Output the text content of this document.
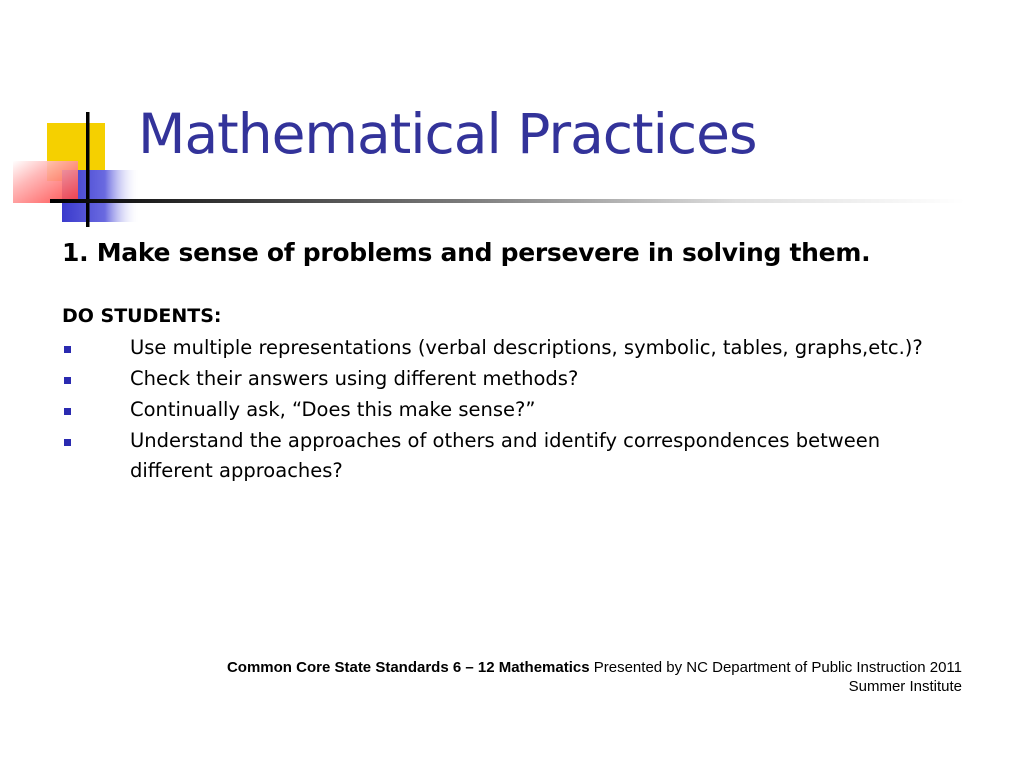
Mathematical Practices
1. Make sense of problems and persevere in solving them.
DO STUDENTS:
Use multiple representations (verbal descriptions, symbolic, tables, graphs,etc.)?
Check their answers using different methods?
Continually ask, “Does this make sense?”
Understand the approaches of others and identify correspondences between different approaches?
Common Core State Standards 6 – 12 Mathematics Presented by NC Department of Public Instruction 2011
Summer Institute
